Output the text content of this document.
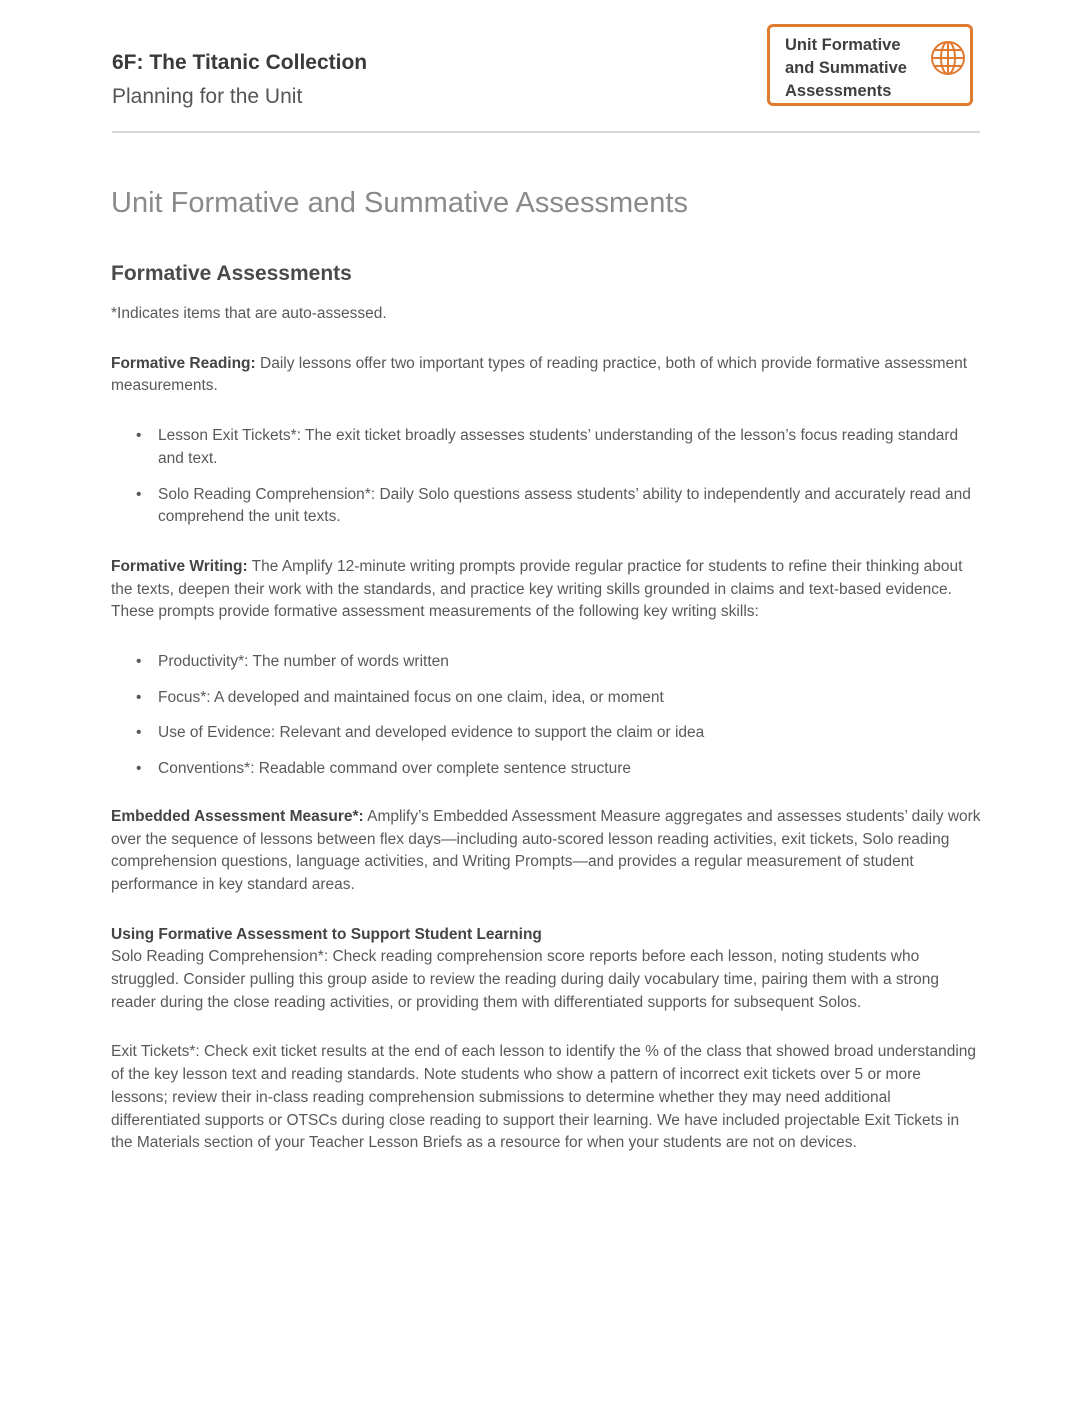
6F: The Titanic Collection

Planning for the Unit

Unit Formative
and Summative
Assessments
Unit Formative and Summative Assessments
Formative Assessments

*Indicates items that are auto-assessed.

Formative Reading: Daily lessons offer two important types of reading practice, both of which provide formative assessment measurements.

• Lesson Exit Tickets*: The exit ticket broadly assesses students’ understanding of the lesson’s focus reading standard and text.
• Solo Reading Comprehension*: Daily Solo questions assess students’ ability to independently and accurately read and comprehend the unit texts.

Formative Writing: The Amplify 12-minute writing prompts provide regular practice for students to refine their thinking about the texts, deepen their work with the standards, and practice key writing skills grounded in claims and text-based evidence. These prompts provide formative assessment measurements of the following key writing skills:

• Productivity*: The number of words written
• Focus*: A developed and maintained focus on one claim, idea, or moment
• Use of Evidence: Relevant and developed evidence to support the claim or idea
• Conventions*: Readable command over complete sentence structure

Embedded Assessment Measure*: Amplify’s Embedded Assessment Measure aggregates and assesses students’ daily work over the sequence of lessons between flex days—including auto-scored lesson reading activities, exit tickets, Solo reading comprehension questions, language activities, and Writing Prompts—and provides a regular measurement of student performance in key standard areas.

Using Formative Assessment to Support Student Learning

Solo Reading Comprehension*: Check reading comprehension score reports before each lesson, noting students who struggled. Consider pulling this group aside to review the reading during daily vocabulary time, pairing them with a strong reader during the close reading activities, or providing them with differentiated supports for subsequent Solos.

Exit Tickets*: Check exit ticket results at the end of each lesson to identify the % of the class that showed broad understanding of the key lesson text and reading standards. Note students who show a pattern of incorrect exit tickets over 5 or more lessons; review their in-class reading comprehension submissions to determine whether they may need additional differentiated supports or OTSCs during close reading to support their learning. We have included projectable Exit Tickets in the Materials section of your Teacher Lesson Briefs as a resource for when your students are not on devices.
